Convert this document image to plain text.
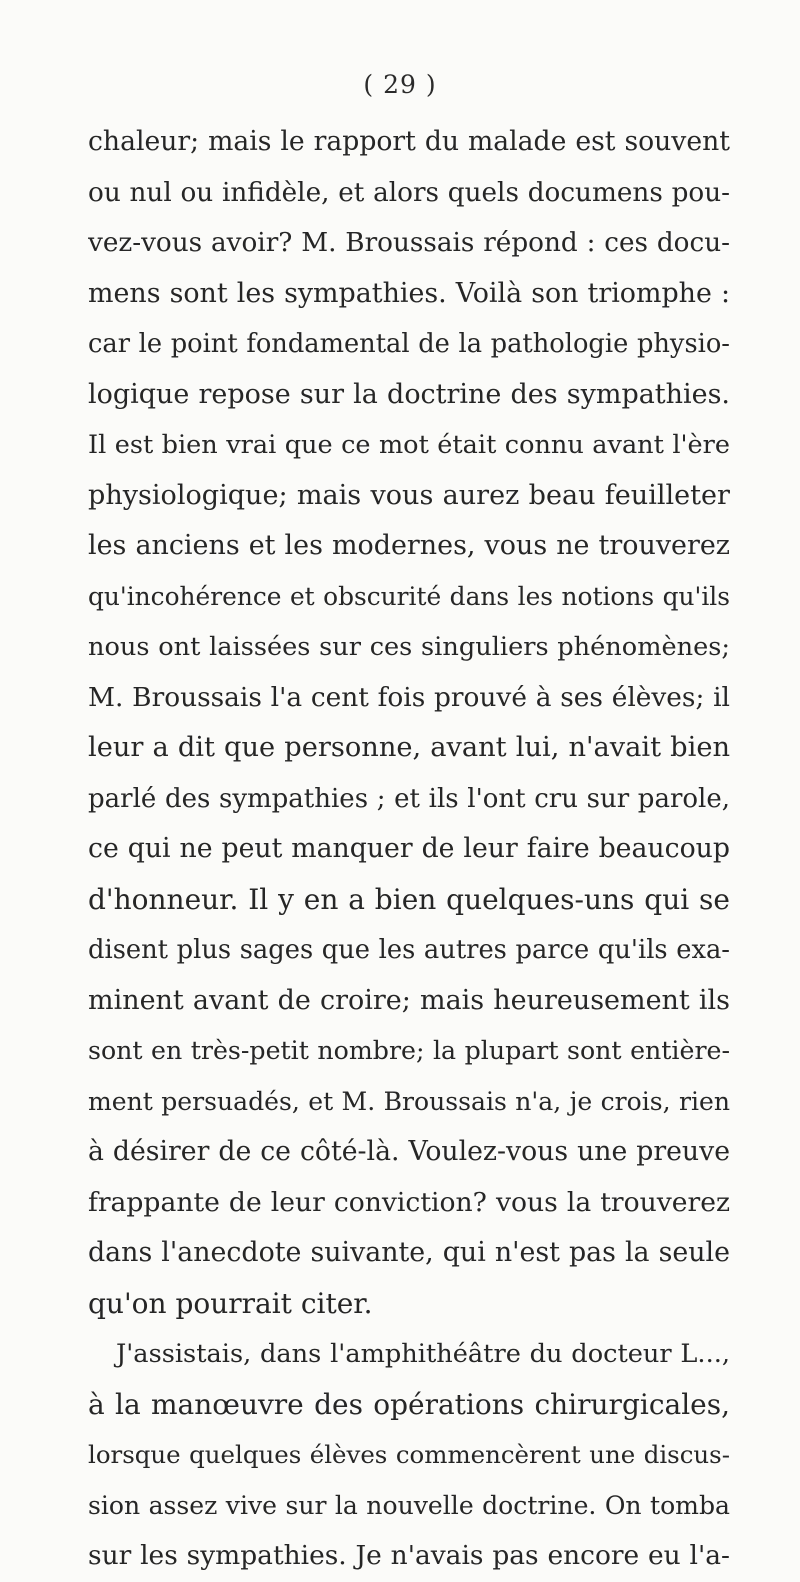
( 29 )
chaleur; mais le rapport du malade est souvent
ou nul ou infidèle, et alors quels documens pou-
vez-vous avoir? M. Broussais répond : ces docu-
mens sont les sympathies. Voilà son triomphe :
car le point fondamental de la pathologie physio-
logique repose sur la doctrine des sympathies.
Il est bien vrai que ce mot était connu avant l'ère
physiologique; mais vous aurez beau feuilleter
les anciens et les modernes, vous ne trouverez
qu'incohérence et obscurité dans les notions qu'ils
nous ont laissées sur ces singuliers phénomènes;
M. Broussais l'a cent fois prouvé à ses élèves; il
leur a dit que personne, avant lui, n'avait bien
parlé des sympathies ; et ils l'ont cru sur parole,
ce qui ne peut manquer de leur faire beaucoup
d'honneur. Il y en a bien quelques-uns qui se
disent plus sages que les autres parce qu'ils exa-
minent avant de croire; mais heureusement ils
sont en très-petit nombre; la plupart sont entière-
ment persuadés, et M. Broussais n'a, je crois, rien
à désirer de ce côté-là. Voulez-vous une preuve
frappante de leur conviction? vous la trouverez
dans l'anecdote suivante, qui n'est pas la seule
qu'on pourrait citer.
J'assistais, dans l'amphithéâtre du docteur L...,
à la manœuvre des opérations chirurgicales,
lorsque quelques élèves commencèrent une discus-
sion assez vive sur la nouvelle doctrine. On tomba
sur les sympathies. Je n'avais pas encore eu l'a-
